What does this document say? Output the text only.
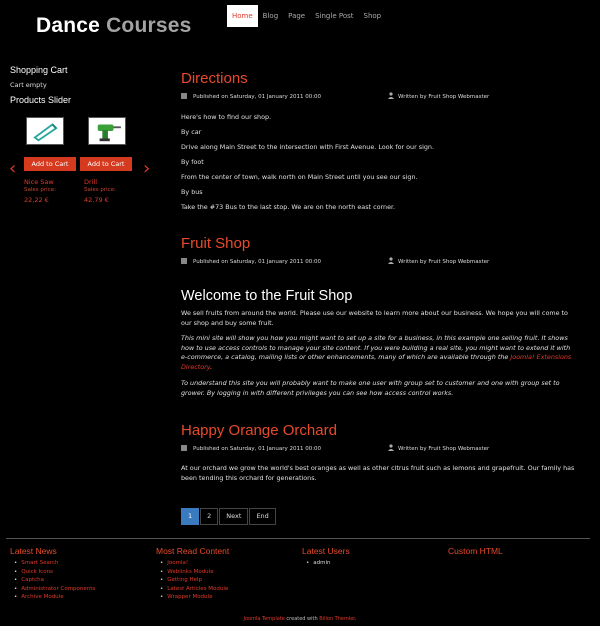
Dance Courses	Home	Blog	Page	Single Post	Shop
Shopping Cart
Cart empty
Products Slider
‹	›
Add to Cart	Add to Cart
Nice Saw
Sales price:
22,22 €
Drill
Sales price:
42,79 €
Directions
Published on Saturday, 01 January 2011 00:00	Written by Fruit Shop Webmaster
Here's how to find our shop.
By car
Drive along Main Street to the intersection with First Avenue. Look for our sign.
By foot
From the center of town, walk north on Main Street until you see our sign.
By bus
Take the #73 Bus to the last stop. We are on the north east corner.
Fruit Shop
Published on Saturday, 01 January 2011 00:00	Written by Fruit Shop Webmaster
Welcome to the Fruit Shop
We sell fruits from around the world. Please use our website to learn more about our business. We hope you will come to our shop and buy some fruit.
This mini site will show you how you might want to set up a site for a business, in this example one selling fruit. It shows how to use access controls to manage your site content. If you were building a real site, you might want to extend it with e-commerce, a catalog, mailing lists or other enhancements, many of which are available through the Joomla! Extensions Directory.
To understand this site you will probably want to make one user with group set to customer and one with group set to grower. By logging in with different privileges you can see how access control works.
Happy Orange Orchard
Published on Saturday, 01 January 2011 00:00	Written by Fruit Shop Webmaster
At our orchard we grow the world's best oranges as well as other citrus fruit such as lemons and grapefruit. Our family has been tending this orchard for generations.
1	2	Next	End
Latest News
• Smart Search
• Quick Icons
• Captcha
• Administrator Components
• Archive Module
Most Read Content
• Joomla!
• Weblinks Module
• Getting Help
• Latest Articles Module
• Wrapper Module
Latest Users
• admin
Custom HTML
Joomla Template created with Bilion Themler.
